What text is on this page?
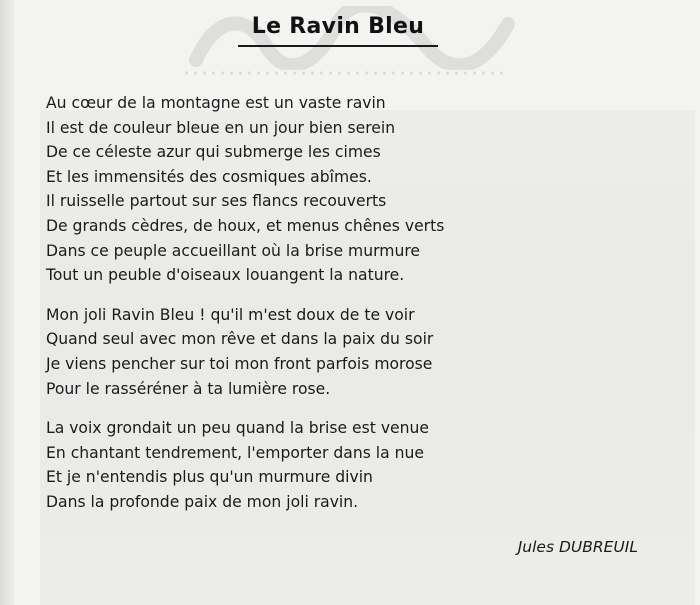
Le Ravin Bleu
Au cœur de la montagne est un vaste ravin
Il est de couleur bleue en un jour bien serein
De ce céleste azur qui submerge les cimes
Et les immensités des cosmiques abîmes.
Il ruisselle partout sur ses flancs recouverts
De grands cèdres, de houx, et menus chênes verts
Dans ce peuple accueillant où la brise murmure
Tout un peuble d'oiseaux louangent la nature.
Mon joli Ravin Bleu ! qu'il m'est doux de te voir
Quand seul avec mon rêve et dans la paix du soir
Je viens pencher sur toi mon front parfois morose
Pour le rasséréner à ta lumière rose.
La voix grondait un peu quand la brise est venue
En chantant tendrement, l'emporter dans la nue
Et je n'entendis plus qu'un murmure divin
Dans la profonde paix de mon joli ravin.
Jules DUBREUIL
